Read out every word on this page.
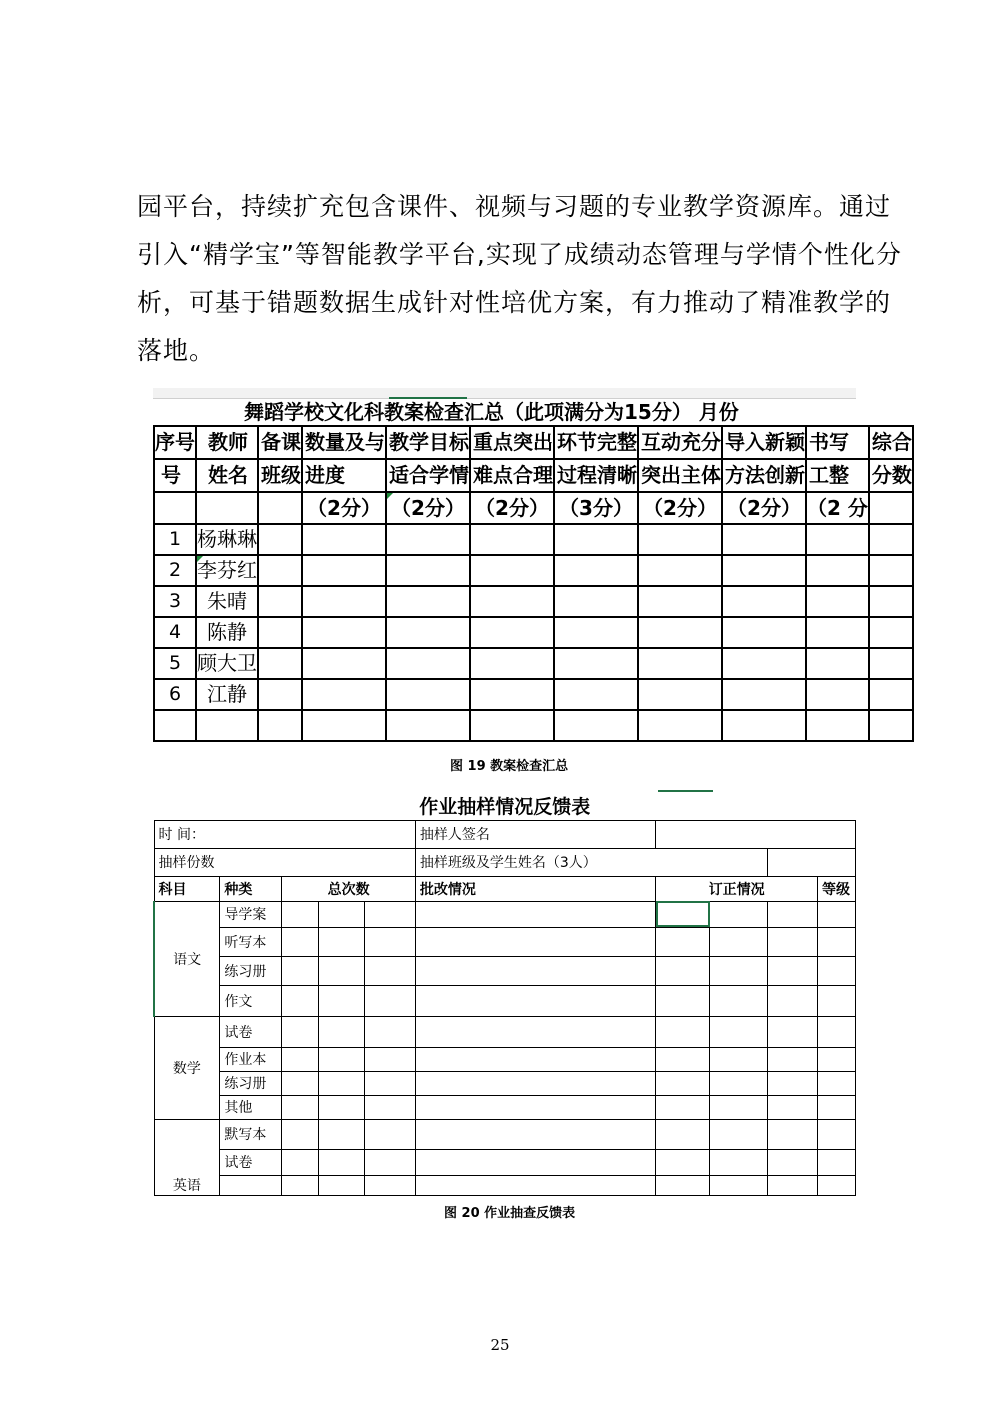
园平台，持续扩充包含课件、视频与习题的专业教学资源库。通过

引入“精学宝”等智能教学平台,实现了成绩动态管理与学情个性化分

析，可基于错题数据生成针对性培优方案，有力推动了精准教学的

落地。

舞蹈学校文化科教案检查汇总（此项满分为15分） 月份										
序号	教师	备课	数量及与	教学目标	重点突出	环节完整	互动充分	导入新颖	书写	综合
号	姓名	班级	进度	适合学情	难点合理	过程清晰	突出主体	方法创新	工整	分数
			（2分）	（2分）	（2分）	（3分）	（2分）	（2分）	（2 分	
1	杨琳琳									
2	李芬红									
3	朱晴									
4	陈静									
5	顾大卫									
6	江静									

图 19 教案检查汇总
作业抽样情况反馈表									
时 间：					抽样人签名				
抽样份数					抽样班级及学生姓名（3人）				
科目	种类	总次数			批改情况	订正情况			等级
语文	导学案								
	听写本								
	练习册								
	作文								
数学	试卷								
	作业本								
	练习册								
	其他								
英语	默写本								
	试卷								

图 20 作业抽查反馈表
25
